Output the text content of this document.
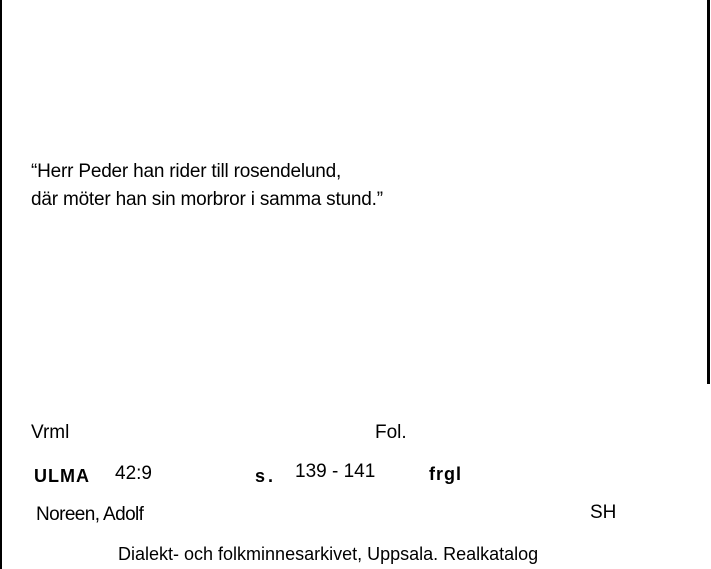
“Herr Peder han rider till rosendelund,
där möter han sin morbror i samma stund.”
Vrml	Fol.
ULMA 42:9	s. 139 - 141	frgl
Noreen, Adolf	SH
Dialekt- och folkminnesarkivet, Uppsala. Realkatalog
